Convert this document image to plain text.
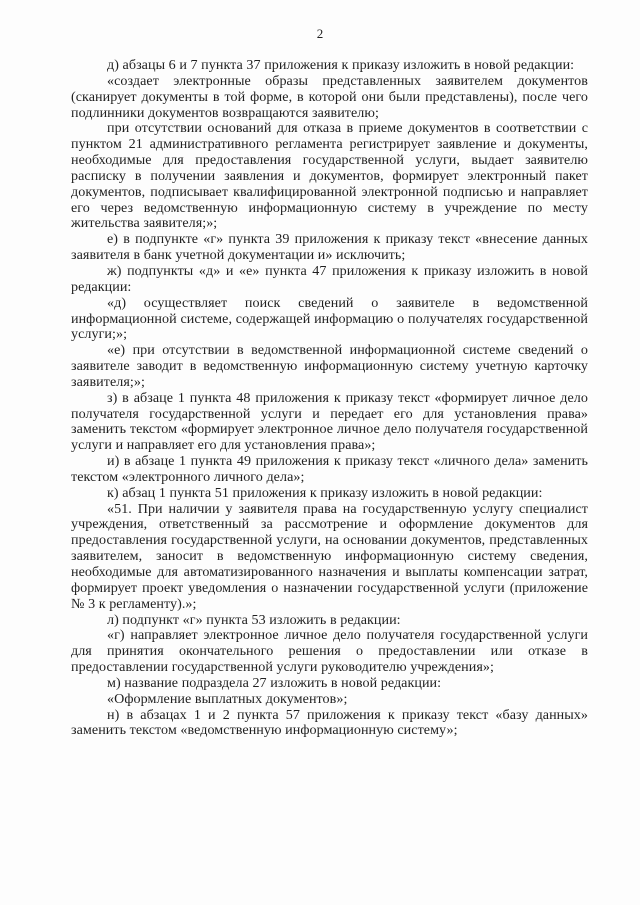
2

д) абзацы 6 и 7 пункта 37 приложения к приказу изложить в новой редакции:

«создает электронные образы представленных заявителем документов (сканирует документы в той форме, в которой они были представлены), после чего подлинники документов возвращаются заявителю;

при отсутствии оснований для отказа в приеме документов в соответствии с пунктом 21 административного регламента регистрирует заявление и документы, необходимые для предоставления государственной услуги, выдает заявителю расписку в получении заявления и документов, формирует электронный пакет документов, подписывает квалифицированной электронной подписью и направляет его через ведомственную информационную систему в учреждение по месту жительства заявителя;»;

е) в подпункте «г» пункта 39 приложения к приказу текст «внесение данных заявителя в банк учетной документации и» исключить;

ж) подпункты «д» и «е» пункта 47 приложения к приказу изложить в новой редакции:

«д) осуществляет поиск сведений о заявителе в ведомственной информационной системе, содержащей информацию о получателях государственной услуги;»;

«е) при отсутствии в ведомственной информационной системе сведений о заявителе заводит в ведомственную информационную систему учетную карточку заявителя;»;

з) в абзаце 1 пункта 48 приложения к приказу текст «формирует личное дело получателя государственной услуги и передает его для установления права» заменить текстом «формирует электронное личное дело получателя государственной услуги и направляет его для установления права»;

и) в абзаце 1 пункта 49 приложения к приказу текст «личного дела» заменить текстом «электронного личного дела»;

к) абзац 1 пункта 51 приложения к приказу изложить в новой редакции:

«51. При наличии у заявителя права на государственную услугу специалист учреждения, ответственный за рассмотрение и оформление документов для предоставления государственной услуги, на основании документов, представленных заявителем, заносит в ведомственную информационную систему сведения, необходимые для автоматизированного назначения и выплаты компенсации затрат, формирует проект уведомления о назначении государственной услуги (приложение № 3 к регламенту).»;

л) подпункт «г» пункта 53 изложить в редакции:

«г) направляет электронное личное дело получателя государственной услуги для принятия окончательного решения о предоставлении или отказе в предоставлении государственной услуги руководителю учреждения»;

м) название подраздела 27 изложить в новой редакции:

«Оформление выплатных документов»;

н) в абзацах 1 и 2 пункта 57 приложения к приказу текст «базу данных» заменить текстом «ведомственную информационную систему»;
